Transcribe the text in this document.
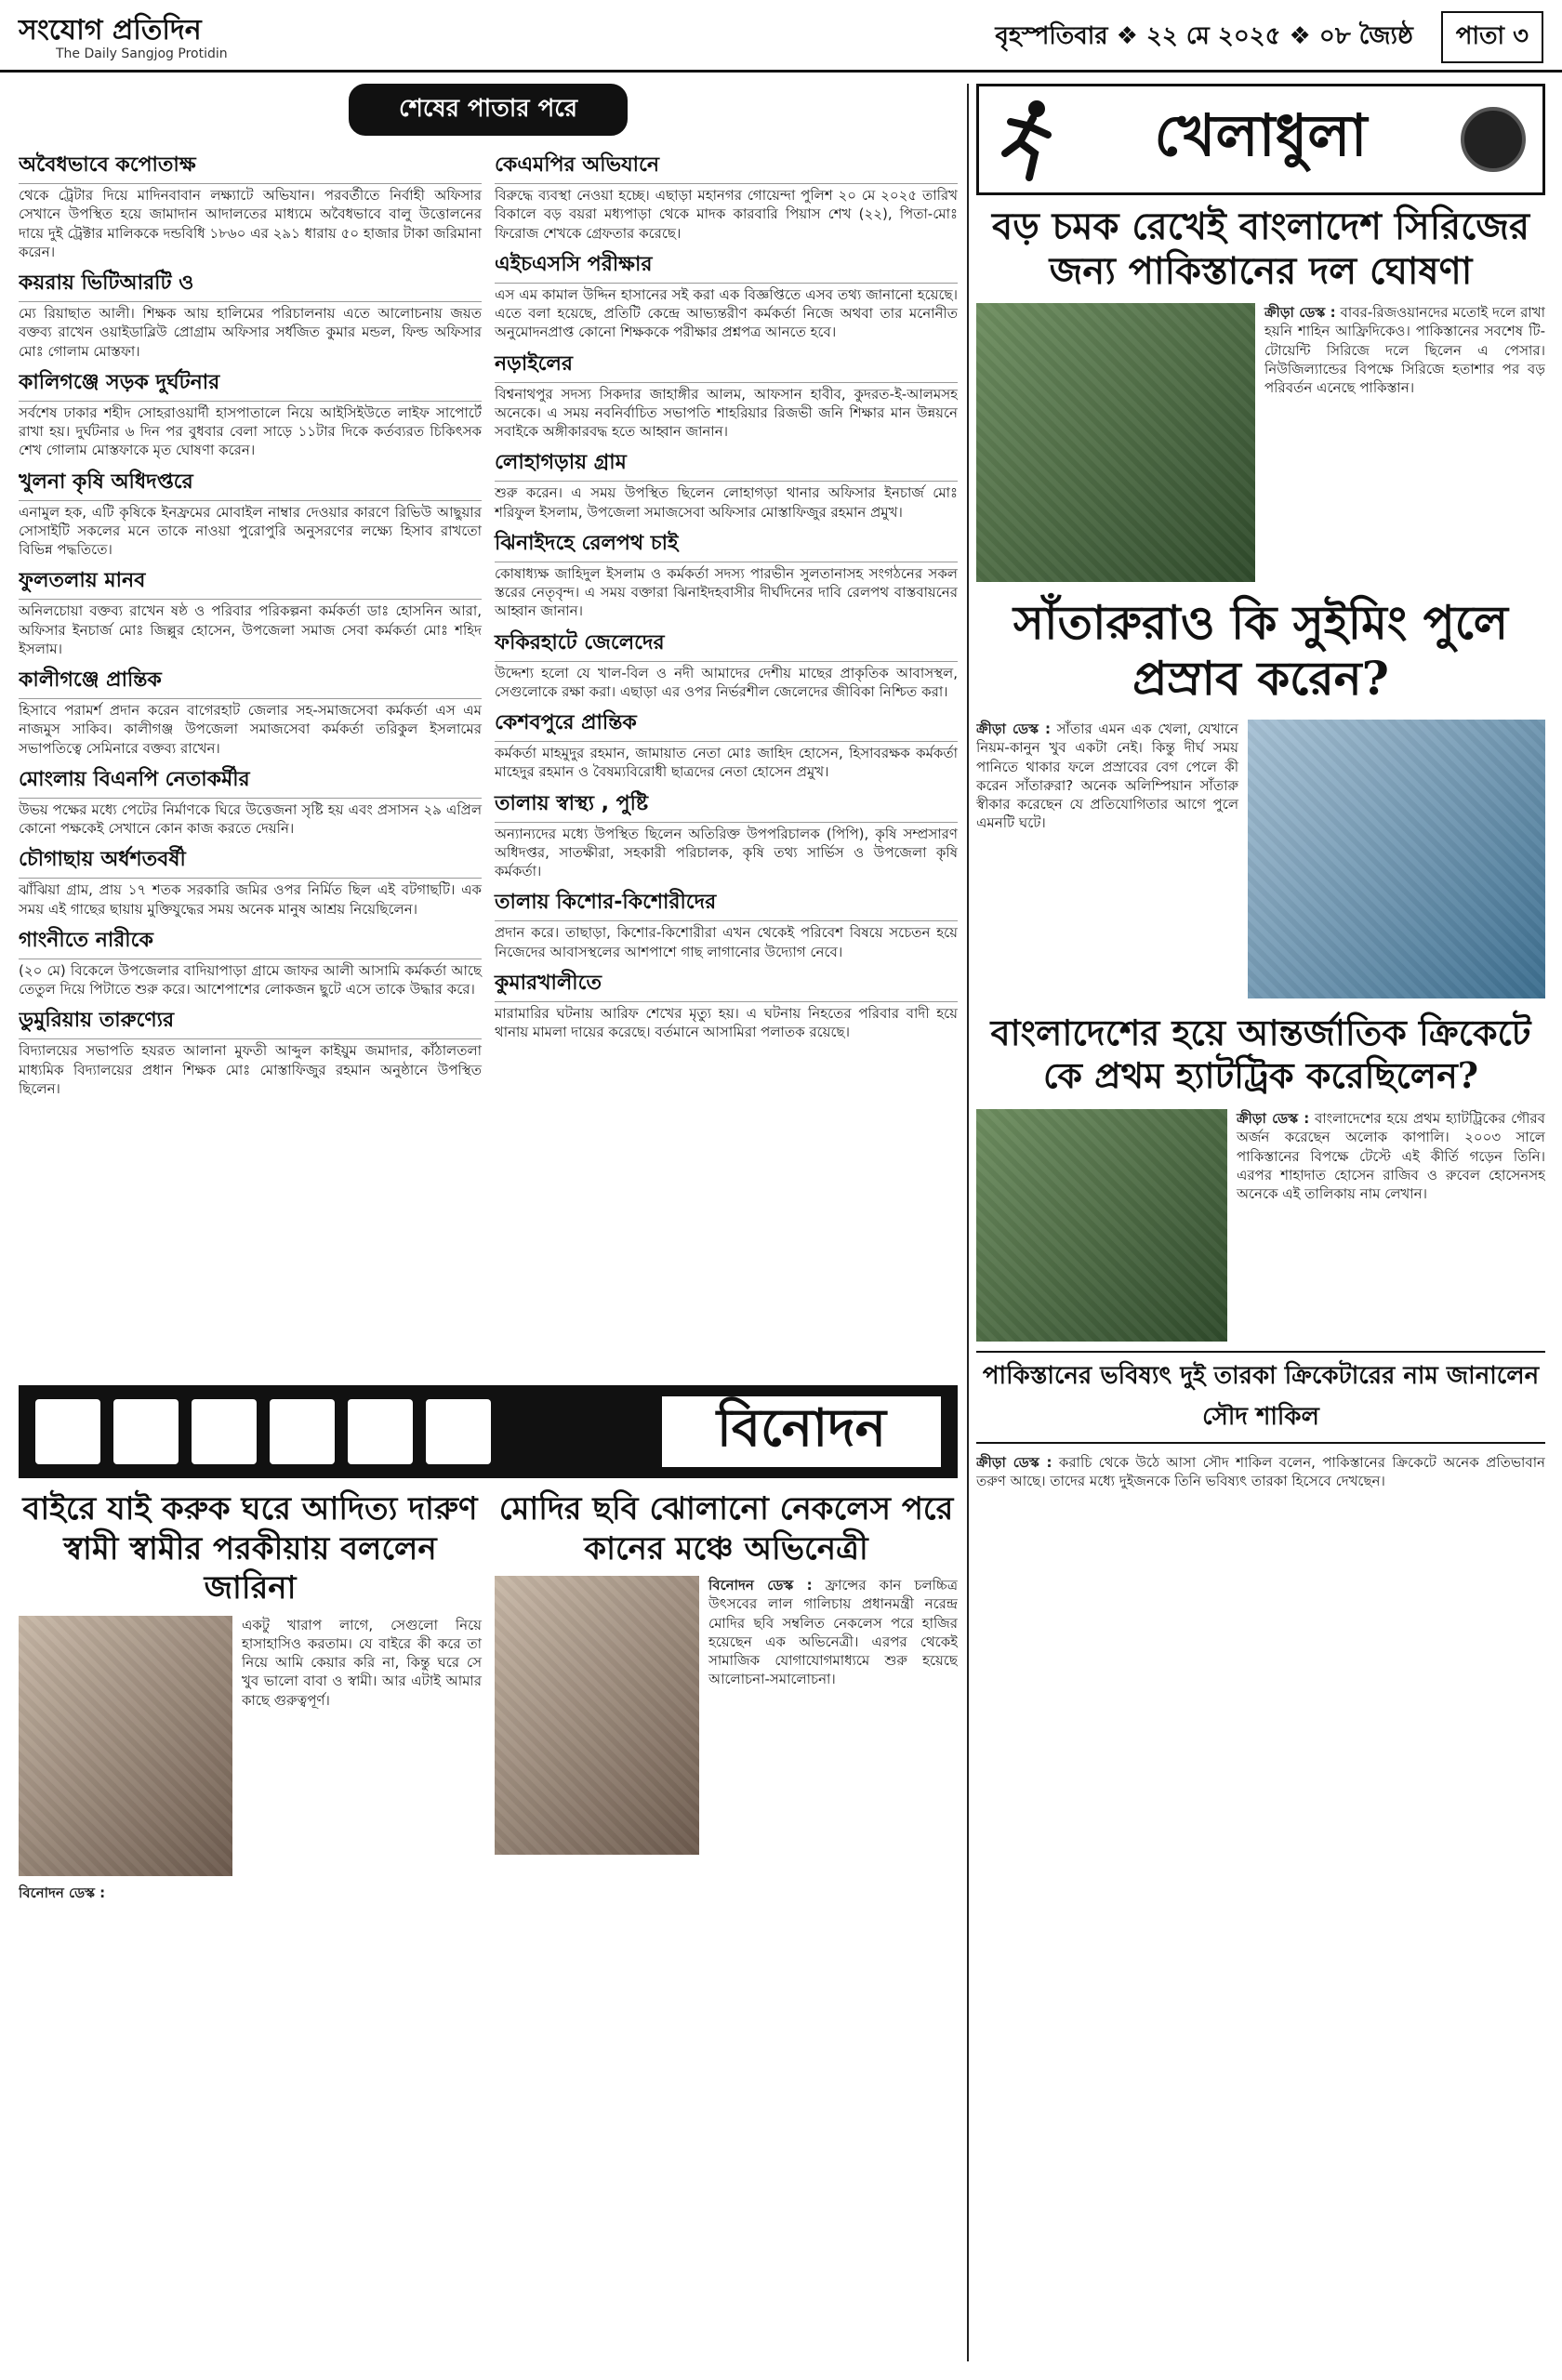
সংযোগ প্রতিদিন
The Daily Sangjog Protidin
বৃহস্পতিবার ❖ ২২ মে ২০২৫ ❖ ০৮ জ্যৈষ্ঠ	পাতা ৩
শেষের পাতার পরে
অবৈধভাবে কপোতাক্ষ

থেকে ট্রেটার দিয়ে মাদিনবাবান লক্ষ্যাটে অভিযান। পরবর্তীতে নির্বাহী অফিসার সেখানে উপস্থিত হয়ে জামাদান আদালতের মাধ্যমে অবৈধভাবে বালু উত্তোলনের দায়ে দুই ট্রেক্টার মালিককে দন্ডবিধি ১৮৬০ এর ২৯১ ধারায় ৫০ হাজার টাকা জরিমানা করেন।

কয়রায় ভিটিআরটি ও

ম্যে রিয়াছাত আলী। শিক্ষক আয় হালিমের পরিচালনায় এতে আলোচনায় জয়ত বক্তব্য রাখেন ওয়াইডাব্লিউ প্রোগ্রাম অফিসার সর্ধজিত কুমার মন্ডল, ফিল্ড অফিসার মোঃ গোলাম মোস্তফা।

কালিগঞ্জে সড়ক দুর্ঘটনার

সর্বশেষ ঢাকার শহীদ সোহরাওয়ার্দী হাসপাতালে নিয়ে আইসিইউতে লাইফ সাপোর্টে রাখা হয়। দুর্ঘটনার ৬ দিন পর বুধবার বেলা সাড়ে ১১টার দিকে কর্তব্যরত চিকিৎসক শেখ গোলাম মোস্তফাকে মৃত ঘোষণা করেন।

খুলনা কৃষি অধিদপ্তরে

এনামুল হক, এটি কৃষিকে ইনফ্রমের মোবাইল নাম্বার দেওয়ার কারণে রিভিউ আছুয়ার সোসাইটি সকলের মনে তাকে নাওয়া পুরোপুরি অনুসরণের লক্ষ্যে হিসাব রাখতো বিভিন্ন পদ্ধতিতে।

ফুলতলায় মানব

অনিলচোয়া বক্তব্য রাখেন ষষ্ঠ ও পরিবার পরিকল্পনা কর্মকর্তা ডাঃ হোসনিন আরা, অফিসার ইনচার্জ মোঃ জিল্লুর হোসেন, উপজেলা সমাজ সেবা কর্মকর্তা মোঃ শহিদ ইসলাম।

কালীগঞ্জে প্রান্তিক

হিসাবে পরামর্শ প্রদান করেন বাগেরহাট জেলার সহ-সমাজসেবা কর্মকর্তা এস এম নাজমুস সাকিব। কালীগঞ্জ উপজেলা সমাজসেবা কর্মকর্তা তরিকুল ইসলামের সভাপতিত্বে সেমিনারে বক্তব্য রাখেন।

মোংলায় বিএনপি নেতাকর্মীর

উভয় পক্ষের মধ্যে পেটের নির্মাণকে ঘিরে উত্তেজনা সৃষ্টি হয় এবং প্রসাসন ২৯ এপ্রিল কোনো পক্ষকেই সেখানে কোন কাজ করতে দেয়নি।

চৌগাছায় অর্ধশতবর্ষী

ঝাঁঝিয়া গ্রাম, প্রায় ১৭ শতক সরকারি জমির ওপর নির্মিত ছিল এই বটগাছটি। এক সময় এই গাছের ছায়ায় মুক্তিযুদ্ধের সময় অনেক মানুষ আশ্রয় নিয়েছিলেন।

গাংনীতে নারীকে

(২০ মে) বিকেলে উপজেলার বাদিয়াপাড়া গ্রামে জাফর আলী আসামি কর্মকর্তা আছে তেতুল দিয়ে পিটাতে শুরু করে। আশেপাশের লোকজন ছুটে এসে তাকে উদ্ধার করে।

ডুমুরিয়ায় তারুণ্যের

বিদ্যালয়ের সভাপতি হযরত আলানা মুফতী আব্দুল কাইয়ুম জমাদার, কাঁঠালতলা মাধ্যমিক বিদ্যালয়ের প্রধান শিক্ষক মোঃ মোস্তাফিজুর রহমান অনুষ্ঠানে উপস্থিত ছিলেন।

কেএমপির অভিযানে

বিরুদ্ধে ব্যবস্থা নেওয়া হচ্ছে। এছাড়া মহানগর গোয়েন্দা পুলিশ ২০ মে ২০২৫ তারিখ বিকালে বড় বয়রা মধ্যপাড়া থেকে মাদক কারবারি পিয়াস শেখ (২২), পিতা-মোঃ ফিরোজ শেখকে গ্রেফতার করেছে।

এইচএসসি পরীক্ষার

এস এম কামাল উদ্দিন হাসানের সই করা এক বিজ্ঞপ্তিতে এসব তথ্য জানানো হয়েছে। এতে বলা হয়েছে, প্রতিটি কেন্দ্রে আভ্যন্তরীণ কর্মকর্তা নিজে অথবা তার মনোনীত অনুমোদনপ্রাপ্ত কোনো শিক্ষককে পরীক্ষার প্রশ্নপত্র আনতে হবে।

নড়াইলের

বিশ্বনাথপুর সদস্য সিকদার জাহাঙ্গীর আলম, আফসান হাবীব, কুদরত-ই-আলমসহ অনেকে। এ সময় নবনির্বাচিত সভাপতি শাহরিয়ার রিজভী জনি শিক্ষার মান উন্নয়নে সবাইকে অঙ্গীকারবদ্ধ হতে আহ্বান জানান।

লোহাগড়ায় গ্রাম

শুরু করেন। এ সময় উপস্থিত ছিলেন লোহাগড়া থানার অফিসার ইনচার্জ মোঃ শরিফুল ইসলাম, উপজেলা সমাজসেবা অফিসার মোস্তাফিজুর রহমান প্রমুখ।

ঝিনাইদহে রেলপথ চাই

কোষাধ্যক্ষ জাহিদুল ইসলাম ও কর্মকর্তা সদস্য পারভীন সুলতানাসহ সংগঠনের সকল স্তরের নেতৃবৃন্দ। এ সময় বক্তারা ঝিনাইদহবাসীর দীর্ঘদিনের দাবি রেলপথ বাস্তবায়নের আহ্বান জানান।

ফকিরহাটে জেলেদের

উদ্দেশ্য হলো যে খাল-বিল ও নদী আমাদের দেশীয় মাছের প্রাকৃতিক আবাসস্থল, সেগুলোকে রক্ষা করা। এছাড়া এর ওপর নির্ভরশীল জেলেদের জীবিকা নিশ্চিত করা।

কেশবপুরে প্রান্তিক

কর্মকর্তা মাহমুদুর রহমান, জামায়াত নেতা মোঃ জাহিদ হোসেন, হিসাবরক্ষক কর্মকর্তা মাহেদুর রহমান ও বৈষম্যবিরোধী ছাত্রদের নেতা হোসেন প্রমুখ।

তালায় স্বাস্থ্য , পুষ্টি

অন্যান্যদের মধ্যে উপস্থিত ছিলেন অতিরিক্ত উপপরিচালক (পিপি), কৃষি সম্প্রসারণ অধিদপ্তর, সাতক্ষীরা, সহকারী পরিচালক, কৃষি তথ্য সার্ভিস ও উপজেলা কৃষি কর্মকর্তা।

তালায় কিশোর-কিশোরীদের

প্রদান করে। তাছাড়া, কিশোর-কিশোরীরা এখন থেকেই পরিবেশ বিষয়ে সচেতন হয়ে নিজেদের আবাসস্থলের আশপাশে গাছ লাগানোর উদ্যোগ নেবে।

কুমারখালীতে

মারামারির ঘটনায় আরিফ শেখের মৃত্যু হয়। এ ঘটনায় নিহতের পরিবার বাদী হয়ে থানায় মামলা দায়ের করেছে। বর্তমানে আসামিরা পলাতক রয়েছে।

খেলাধুলা
বড় চমক রেখেই বাংলাদেশ সিরিজের জন্য পাকিস্তানের দল ঘোষণা
ক্রীড়া ডেস্ক : বাবর-রিজওয়ানদের মতোই দলে রাখা হয়নি শাহিন আফ্রিদিকেও। পাকিস্তানের সবশেষ টি-টোয়েন্টি সিরিজে দলে ছিলেন এ পেসার। নিউজিল্যান্ডের বিপক্ষে সিরিজে হতাশার পর বড় পরিবর্তন এনেছে পাকিস্তান।
সাঁতারুরাও কি সুইমিং পুলে প্রস্রাব করেন?
ক্রীড়া ডেস্ক : সাঁতার এমন এক খেলা, যেখানে নিয়ম-কানুন খুব একটা নেই। কিন্তু দীর্ঘ সময় পানিতে থাকার ফলে প্রস্রাবের বেগ পেলে কী করেন সাঁতারুরা? অনেক অলিম্পিয়ান সাঁতারু স্বীকার করেছেন যে প্রতিযোগিতার আগে পুলে এমনটি ঘটে।
বাংলাদেশের হয়ে আন্তর্জাতিক ক্রিকেটে কে প্রথম হ্যাটট্রিক করেছিলেন?
ক্রীড়া ডেস্ক : বাংলাদেশের হয়ে প্রথম হ্যাটট্রিকের গৌরব অর্জন করেছেন অলোক কাপালি। ২০০৩ সালে পাকিস্তানের বিপক্ষে টেস্টে এই কীর্তি গড়েন তিনি। এরপর শাহাদাত হোসেন রাজিব ও রুবেল হোসেনসহ অনেকে এই তালিকায় নাম লেখান।
পাকিস্তানের ভবিষ্যৎ দুই তারকা ক্রিকেটারের নাম জানালেন সৌদ শাকিল
ক্রীড়া ডেস্ক : করাচি থেকে উঠে আসা সৌদ শাকিল বলেন, পাকিস্তানের ক্রিকেটে অনেক প্রতিভাবান তরুণ আছে। তাদের মধ্যে দুইজনকে তিনি ভবিষ্যৎ তারকা হিসেবে দেখছেন।
বিনোদন
বাইরে যাই করুক ঘরে আদিত্য দারুণ স্বামী স্বামীর পরকীয়ায় বললেন জারিনা
একটু খারাপ লাগে, সেগুলো নিয়ে হাসাহাসিও করতাম। যে বাইরে কী করে তা নিয়ে আমি কেয়ার করি না, কিন্তু ঘরে সে খুব ভালো বাবা ও স্বামী। আর এটাই আমার কাছে গুরুত্বপূর্ণ।
বিনোদন ডেস্ক :
মোদির ছবি ঝোলানো নেকলেস পরে কানের মঞ্চে অভিনেত্রী
বিনোদন ডেস্ক : ফ্রান্সের কান চলচ্চিত্র উৎসবের লাল গালিচায় প্রধানমন্ত্রী নরেন্দ্র মোদির ছবি সম্বলিত নেকলেস পরে হাজির হয়েছেন এক অভিনেত্রী। এরপর থেকেই সামাজিক যোগাযোগমাধ্যমে শুরু হয়েছে আলোচনা-সমালোচনা।
